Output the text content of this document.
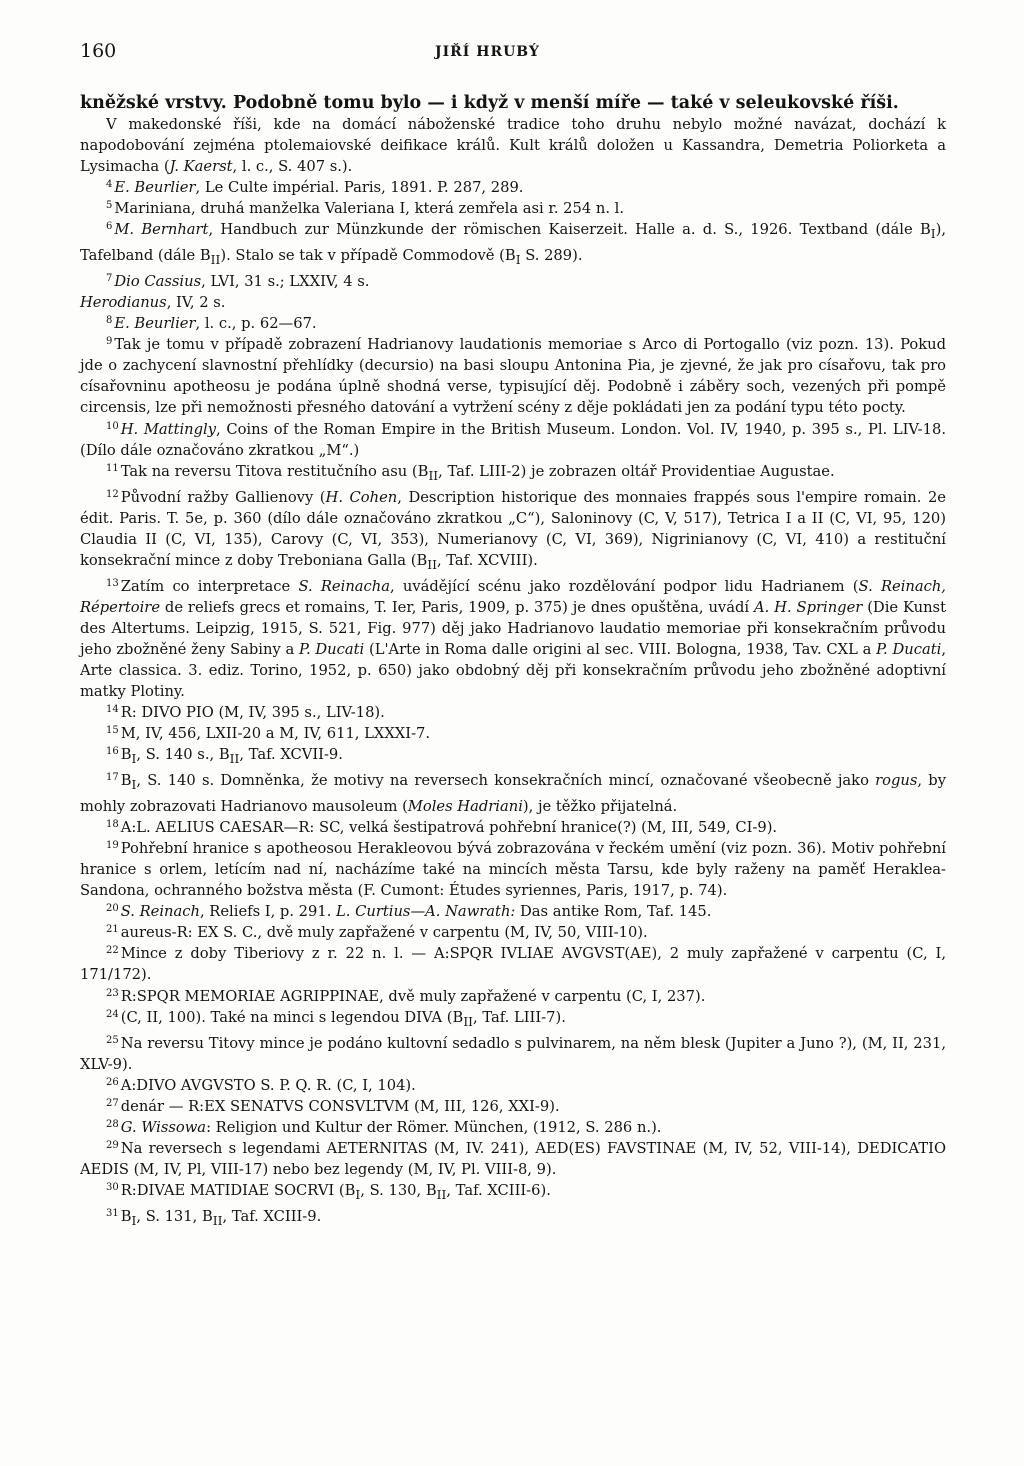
160	JIŘÍ HRUBÝ

kněžské vrstvy. Podobně tomu bylo — i když v menší míře — také v seleukovské říši.

V makedonské říši, kde na domácí náboženské tradice toho druhu nebylo možné navázat, dochází k napodobování zejména ptolemaiovské deifikace králů. Kult králů doložen u Kassandra, Demetria Poliorketa a Lysimacha (J. Kaerst, l. c., S. 407 s.).

$^4$ E. Beurlier, Le Culte impérial. Paris, 1891. P. 287, 289.

$^5$ Mariniana, druhá manželka Valeriana I, která zemřela asi r. 254 n. l.

$^6$ M. Bernhart, Handbuch zur Münzkunde der römischen Kaiserzeit. Halle a. d. S., 1926. Textband (dále $B_I$), Tafelband (dále $B_{II}$). Stalo se tak v případě Commodově ($B_I$ S. 289).

$^7$ Dio Cassius, LVI, 31 s.; LXXIV, 4 s.
Herodianus, IV, 2 s.

$^8$ E. Beurlier, l. c., p. 62—67.

$^9$ Tak je tomu v případě zobrazení Hadrianovy laudationis memoriae s Arco di Portogallo (viz pozn. 13). Pokud jde o zachycení slavnostní přehlídky (decursio) na basi sloupu Antonina Pia, je zjevné, že jak pro císařovu, tak pro císařovninu apotheosu je podána úplně shodná verse, typisující děj. Podobně i záběry soch, vezených při pompě circensis, lze při nemožnosti přesného datování a vytržení scény z děje pokládati jen za podání typu této pocty.

$^{10}$ H. Mattingly, Coins of the Roman Empire in the British Museum. London. Vol. IV, 1940, p. 395 s., Pl. LIV-18. (Dílo dále označováno zkratkou „M“.)

$^{11}$ Tak na reversu Titova restitučního asu ($B_{II}$, Taf. LIII-2) je zobrazen oltář Providentiae Augustae.

$^{12}$ Původní ražby Gallienovy (H. Cohen, Description historique des monnaies frappés sous l'empire romain. 2e édit. Paris. T. 5e, p. 360 (dílo dále označováno zkratkou „C“), Saloninovy (C, V, 517), Tetrica I a II (C, VI, 95, 120) Claudia II (C, VI, 135), Carovy (C, VI, 353), Numerianovy (C, VI, 369), Nigrinianovy (C, VI, 410) a restituční konsekrační mince z doby Treboniana Galla ($B_{II}$, Taf. XCVIII).

$^{13}$ Zatím co interpretace S. Reinacha, uvádějící scénu jako rozdělování podpor lidu Hadrianem (S. Reinach, Répertoire de reliefs grecs et romains, T. Ier, Paris, 1909, p. 375) je dnes opuštěna, uvádí A. H. Springer (Die Kunst des Altertums. Leipzig, 1915, S. 521, Fig. 977) děj jako Hadrianovo laudatio memoriae při konsekračním průvodu jeho zbožněné ženy Sabiny a P. Ducati (L'Arte in Roma dalle origini al sec. VIII. Bologna, 1938, Tav. CXL a P. Ducati, Arte classica. 3. ediz. Torino, 1952, p. 650) jako obdobný děj při konsekračním průvodu jeho zbožněné adoptivní matky Plotiny.

$^{14}$ R: DIVO PIO (M, IV, 395 s., LIV-18).

$^{15}$ M, IV, 456, LXII-20 a M, IV, 611, LXXXI-7.

$^{16}$ $B_I$, S. 140 s., $B_{II}$, Taf. XCVII-9.

$^{17}$ $B_I$, S. 140 s. Domněnka, že motivy na reversech konsekračních mincí, označované všeobecně jako rogus, by mohly zobrazovati Hadrianovo mausoleum (Moles Hadriani), je těžko přijatelná.

$^{18}$ A:L. AELIUS CAESAR—R: SC, velká šestipatrová pohřební hranice(?) (M, III, 549, CI-9).

$^{19}$ Pohřební hranice s apotheosou Herakleovou bývá zobrazována v řeckém umění (viz pozn. 36). Motiv pohřební hranice s orlem, letícím nad ní, nacházíme také na mincích města Tarsu, kde byly raženy na paměť Heraklea-Sandona, ochranného božstva města (F. Cumont: Études syriennes, Paris, 1917, p. 74).

$^{20}$ S. Reinach, Reliefs I, p. 291. L. Curtius—A. Nawrath: Das antike Rom, Taf. 145.

$^{21}$ aureus-R: EX S. C., dvě muly zapřažené v carpentu (M, IV, 50, VIII-10).

$^{22}$ Mince z doby Tiberiovy z r. 22 n. l. — A:SPQR IVLIAE AVGVST(AE), 2 muly zapřažené v carpentu (C, I, 171/172).

$^{23}$ R:SPQR MEMORIAE AGRIPPINAE, dvě muly zapřažené v carpentu (C, I, 237).

$^{24}$ (C, II, 100). Také na minci s legendou DIVA ($B_{II}$, Taf. LIII-7).

$^{25}$ Na reversu Titovy mince je podáno kultovní sedadlo s pulvinarem, na něm blesk (Jupiter a Juno ?), (M, II, 231, XLV-9).

$^{26}$ A:DIVO AVGVSTO S. P. Q. R. (C, I, 104).

$^{27}$ denár — R:EX SENATVS CONSVLTVM (M, III, 126, XXI-9).

$^{28}$ G. Wissowa: Religion und Kultur der Römer. München, (1912, S. 286 n.).

$^{29}$ Na reversech s legendami AETERNITAS (M, IV. 241), AED(ES) FAVSTINAE (M, IV, 52, VIII-14), DEDICATIO AEDIS (M, IV, Pl, VIII-17) nebo bez legendy (M, IV, Pl. VIII-8, 9).

$^{30}$ R:DIVAE MATIDIAE SOCRVI ($B_I$, S. 130, $B_{II}$, Taf. XCIII-6).

$^{31}$ $B_I$, S. 131, $B_{II}$, Taf. XCIII-9.
